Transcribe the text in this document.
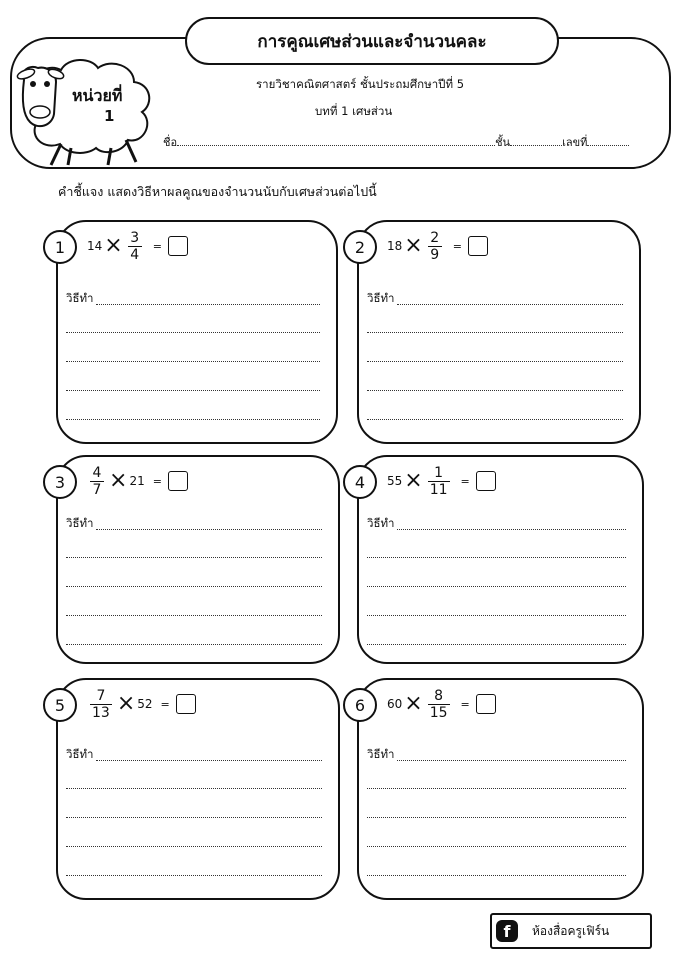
การคูณเศษส่วนและจำนวนคละ
หน่วยที่
1
รายวิชาคณิตศาสตร์ ชั้นประถมศึกษาปีที่ 5
บทที่ 1 เศษส่วน
ชื่อ	ชั้น	เลขที่
คำชี้แจง แสดงวิธีหาผลคูณของจำนวนนับกับเศษส่วนต่อไปนี้
1	$14 \times \frac{3}{4}$ =
วิธีทำ
2	$18 \times \frac{2}{9}$ =
วิธีทำ
3	$\frac{4}{7} \times 21$ =
วิธีทำ
4	$55 \times \frac{1}{11}$ =
วิธีทำ
5	$\frac{7}{13} \times 52$ =
วิธีทำ
6	$60 \times \frac{8}{15}$ =
วิธีทำ
f	ห้องสื่อครูเฟิร์น
